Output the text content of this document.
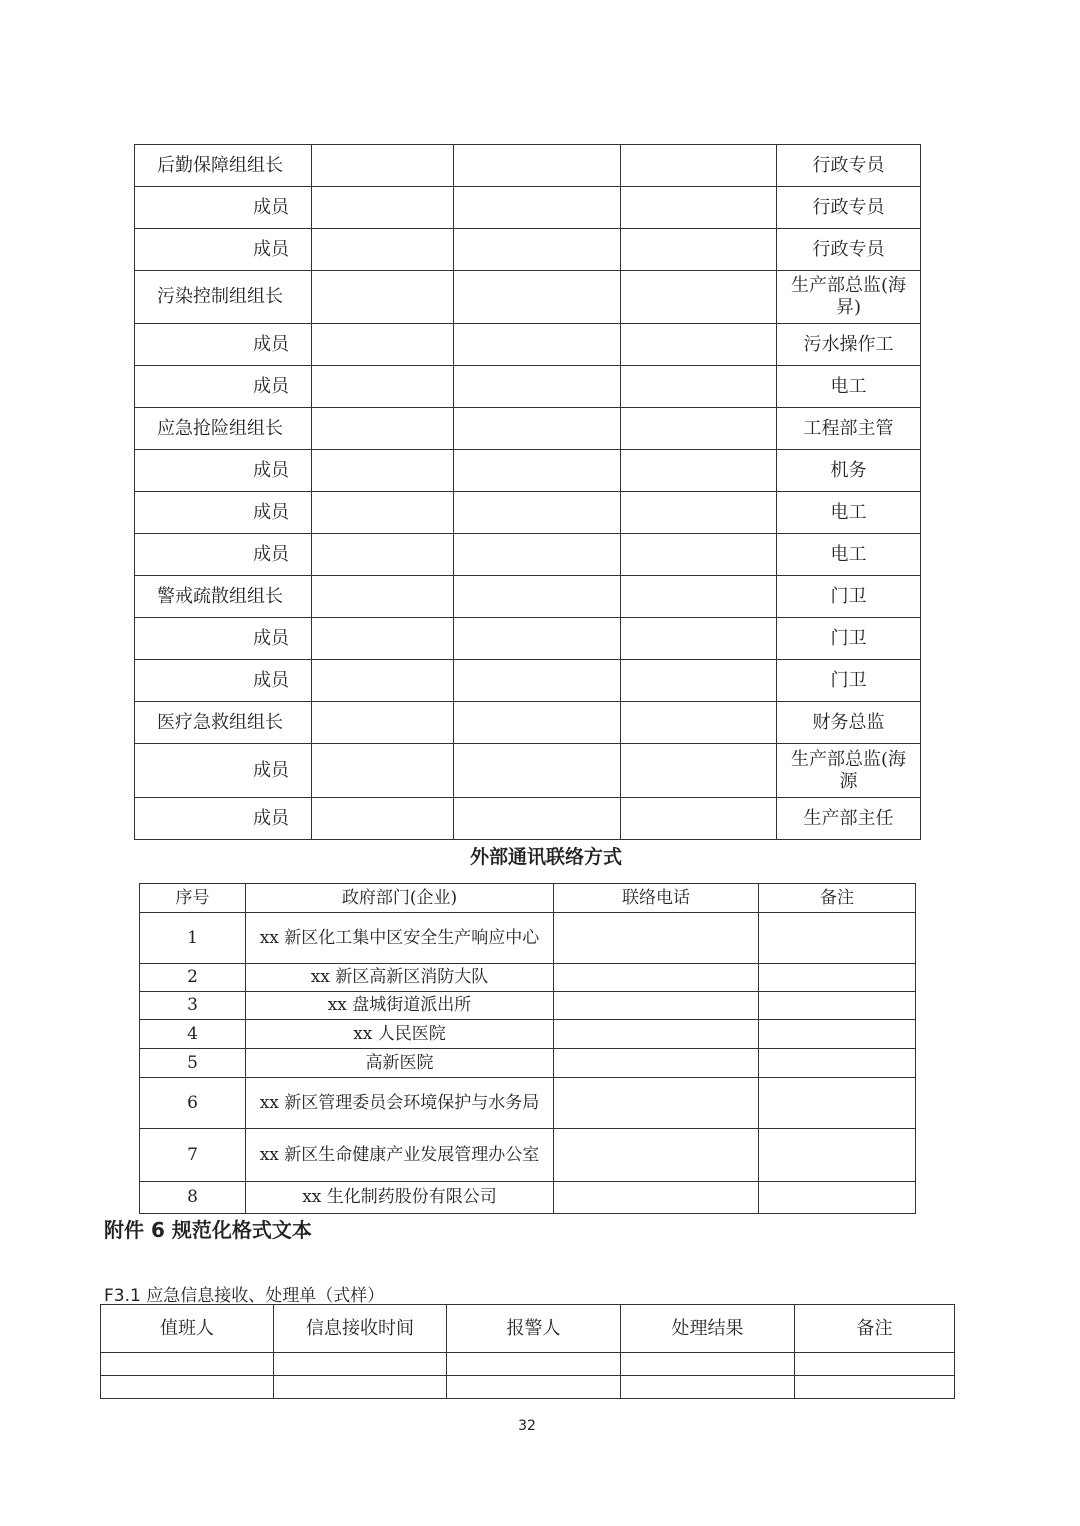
后勤保障组组长				行政专员
成员				行政专员
成员				行政专员
污染控制组组长				生产部总监(海昇)
成员				污水操作工
成员				电工
应急抢险组组长				工程部主管
成员				机务
成员				电工
成员				电工
警戒疏散组组长				门卫
成员				门卫
成员				门卫
医疗急救组组长				财务总监
成员				生产部总监(海源
成员				生产部主任
外部通讯联络方式
序号	政府部门(企业)	联络电话	备注
1	xx 新区化工集中区安全生产响应中心		
2	xx 新区高新区消防大队		
3	xx 盘城街道派出所		
4	xx 人民医院		
5	高新医院		
6	xx 新区管理委员会环境保护与水务局		
7	xx 新区生命健康产业发展管理办公室		
8	xx 生化制药股份有限公司		
附件 6 规范化格式文本
F3.1 应急信息接收、处理单（式样）
值班人	信息接收时间	报警人	处理结果	备注

32
